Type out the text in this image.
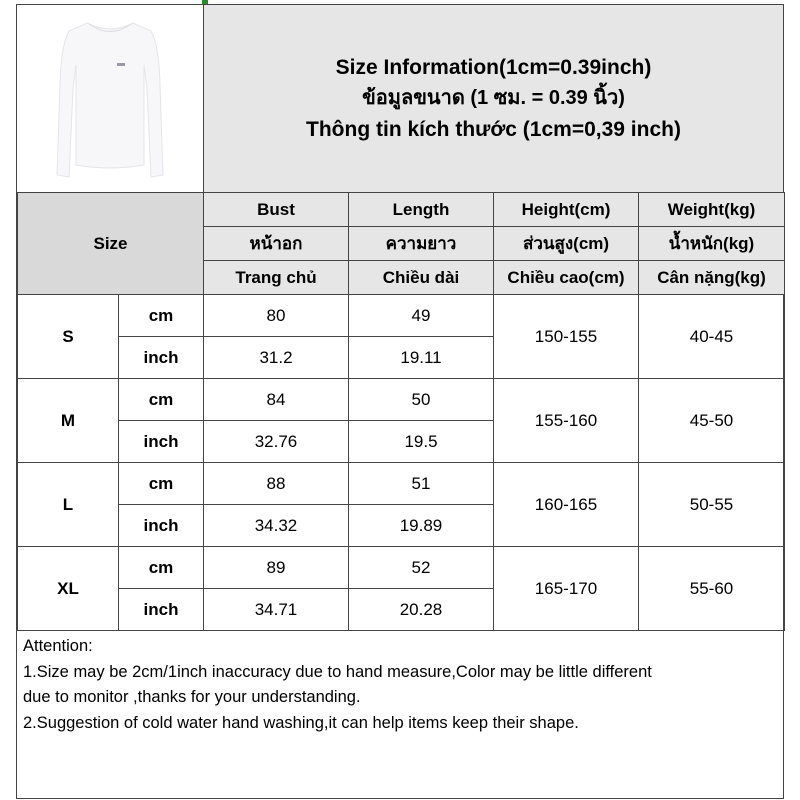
Size Information(1cm=0.39inch)
ข้อมูลขนาด (1 ซม. = 0.39 นิ้ว)
Thông tin kích thước (1cm=0,39 inch)
Size		Bust	Length	Height(cm)	Weight(kg)
		หน้าอก	ความยาว	ส่วนสูง(cm)	น้ำหนัก(kg)
		Trang chủ	Chiều dài	Chiều cao(cm)	Cân nặng(kg)
S	cm	80	49	150-155	40-45
	inch	31.2	19.11		
M	cm	84	50	155-160	45-50
	inch	32.76	19.5		
L	cm	88	51	160-165	50-55
	inch	34.32	19.89		
XL	cm	89	52	165-170	55-60
	inch	34.71	20.28		

Attention:

1.Size may be 2cm/1inch inaccuracy due to hand measure,Color may be little different

due to monitor ,thanks for your understanding.

2.Suggestion of cold water hand washing,it can help items keep their shape.
